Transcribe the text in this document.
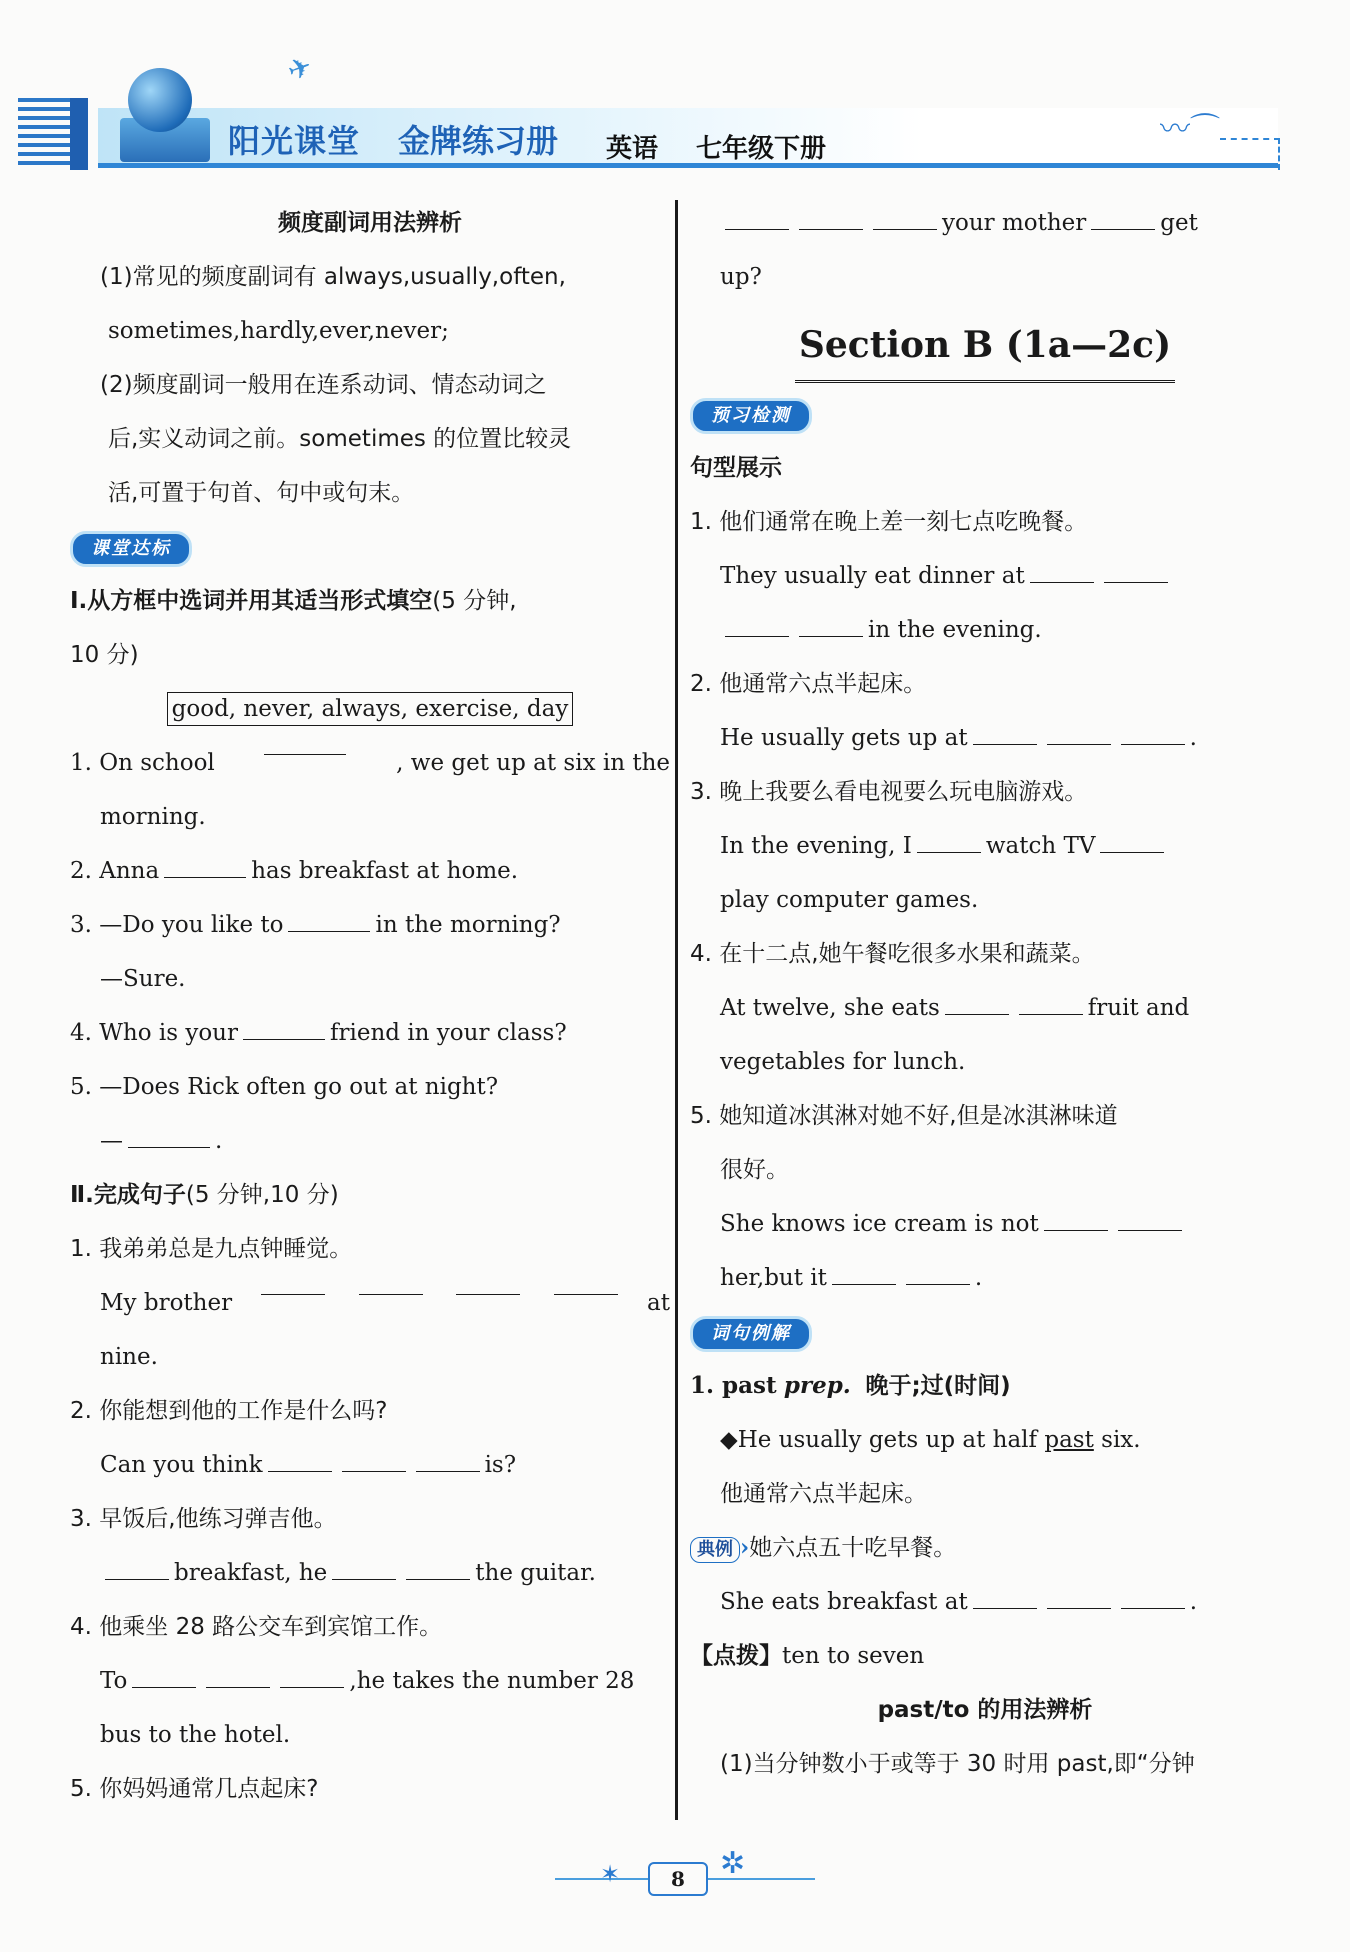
✈
〰⌒
阳光课堂 金牌练习册 英语 七年级下册
频度副词用法辨析
(1)常见的频度副词有 always,usually,often,
sometimes,hardly,ever,never;
(2)频度副词一般用在连系动词、情态动词之
后,实义动词之前。sometimes 的位置比较灵
活,可置于句首、句中或句末。
课堂达标
Ⅰ.从方框中选词并用其适当形式填空(5 分钟,
10 分)
good, never, always, exercise, day
1. On school	, we get up at six in the
morning.
2. Anna	has breakfast at home.
3. —Do you like to	in the morning?
—Sure.
4. Who is your	friend in your class?
5. —Does Rick often go out at night?
—	.
Ⅱ.完成句子(5 分钟,10 分)
1. 我弟弟总是九点钟睡觉。
My brother	at
nine.
2. 你能想到他的工作是什么吗?
Can you think	is?
3. 早饭后,他练习弹吉他。
breakfast, he	the guitar.
4. 他乘坐 28 路公交车到宾馆工作。
To	,he takes the number 28
bus to the hotel.
5. 你妈妈通常几点起床?
your mother	get
up?
Section B (1a—2c)
预习检测
句型展示
1. 他们通常在晚上差一刻七点吃晚餐。
They usually eat dinner at
in the evening.
2. 他通常六点半起床。
He usually gets up at	.
3. 晚上我要么看电视要么玩电脑游戏。
In the evening, I	watch TV
play computer games.
4. 在十二点,她午餐吃很多水果和蔬菜。
At twelve, she eats	fruit and
vegetables for lunch.
5. 她知道冰淇淋对她不好,但是冰淇淋味道
很好。
She knows ice cream is not
her,but it	.
词句例解
1. past prep. 晚于;过(时间)
◆He usually gets up at half past six.
他通常六点半起床。
典例 ›她六点五十吃早餐。
She eats breakfast at	.
【点拨】ten to seven
past/to 的用法辨析
(1)当分钟数小于或等于 30 时用 past,即“分钟
✶	8	✲
